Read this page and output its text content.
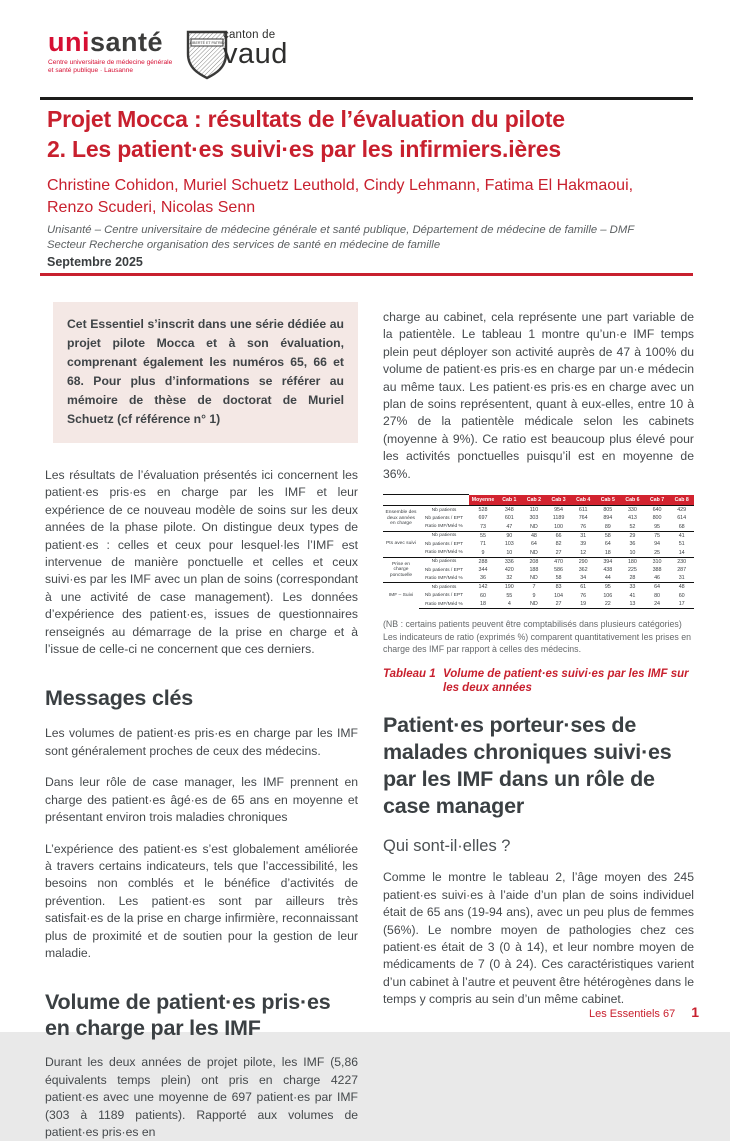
unisanté
Centre universitaire de médecine générale
et santé publique · Lausanne
LIBERTÉ ET PATRIE
canton de
vaud
Projet Mocca : résultats de l’évaluation du pilote
2. Les patient·es suivi·es par les infirmiers.ières
Christine Cohidon, Muriel Schuetz Leuthold, Cindy Lehmann, Fatima El Hakmaoui,
Renzo Scuderi, Nicolas Senn
Unisanté – Centre universitaire de médecine générale et santé publique, Département de médecine de famille – DMF
Secteur Recherche organisation des services de santé en médecine de famille
Septembre 2025
Cet Essentiel s’inscrit dans une série dédiée au projet pilote Mocca et à son évaluation, comprenant également les numéros 65, 66 et 68. Pour plus d’informations se référer au mémoire de thèse de doctorat de Muriel Schuetz (cf référence n° 1)

Les résultats de l’évaluation présentés ici concernent les patient·es pris·es en charge par les IMF et leur expérience de ce nouveau modèle de soins sur les deux années de la phase pilote. On distingue deux types de patient·es : celles et ceux pour lesquel·les l’IMF est intervenue de manière ponctuelle et celles et ceux suivi·es par les IMF avec un plan de soins (correspondant à une activité de case management). Les données d’expérience des patient·es, issues de questionnaires renseignés au démarrage de la prise en charge et à l’issue de celle-ci ne concernent que ces derniers.

Messages clés

Les volumes de patient·es pris·es en charge par les IMF sont généralement proches de ceux des médecins.

Dans leur rôle de case manager, les IMF prennent en charge des patient·es âgé·es de 65 ans en moyenne et présentant environ trois maladies chroniques

L’expérience des patient·es s’est globalement améliorée à travers certains indicateurs, tels que l’accessibilité, les besoins non comblés et le bénéfice d’activités de prévention. Les patient·es sont par ailleurs très satisfait·es de la prise en charge infirmière, reconnaissant plus de proximité et de soutien pour la gestion de leur maladie.

Volume de patient·es pris·es en charge par les IMF

Durant les deux années de projet pilote, les IMF (5,86 équivalents temps plein) ont pris en charge 4227 patient·es avec une moyenne de 697 patient·es par IMF (303 à 1189 patients). Rapporté aux volumes de patient·es pris·es en

charge au cabinet, cela représente une part variable de la patientèle. Le tableau 1 montre qu’un·e IMF temps plein peut déployer son activité auprès de 47 à 100% du volume de patient·es pris·es en charge par un·e médecin au même taux. Les patient·es pris·es en charge avec un plan de soins représentent, quant à eux-elles, entre 10 à 27% de la patientèle médicale selon les cabinets (moyenne à 9%). Ce ratio est beaucoup plus élevé pour les activités ponctuelles puisqu’il est en moyenne de 36%.

		Moyenne	Cab 1	Cab 2	Cab 3	Cab 4	Cab 5	Cab 6	Cab 7	Cab 8
Ensemble des deux années en charge	Nb patients	528	348	110	954	611	805	330	640	429
	Nb patients / EPT	697	601	303	1189	764	894	413	800	614
	Ratio IMF/Méd %	73	47	ND	100	76	89	52	95	68
Pts avec suivi	Nb patients	55	90	48	66	31	58	29	75	41
	Nb patients / EPT	71	103	64	82	39	64	36	94	51
	Ratio IMF/Méd %	9	10	ND	27	12	18	10	25	14
Prise en charge ponctuelle	Nb patients	288	336	208	470	290	394	180	310	230
	Nb patients / EPT	344	420	188	586	362	438	225	388	287
	Ratio IMF/Méd %	36	32	ND	58	34	44	28	46	31
IMF – Suivi	Nb patients	142	190	7	83	61	95	33	64	48
	Nb patients / EPT	60	55	9	104	76	106	41	80	60
	Ratio IMF/Méd %	18	4	ND	27	19	22	13	24	17
(NB : certains patients peuvent être comptabilisés dans plusieurs catégories)
Les indicateurs de ratio (exprimés %) comparent quantitativement les prises en charge des IMF par rapport à celles des médecins.
Tableau 1 Volume de patient·es suivi·es par les IMF sur les deux années
Patient·es porteur·ses de malades chroniques suivi·es par les IMF dans un rôle de case manager
Qui sont-il·elles ?

Comme le montre le tableau 2, l’âge moyen des 245 patient·es suivi·es à l’aide d’un plan de soins individuel était de 65 ans (19-94 ans), avec un peu plus de femmes (56%). Le nombre moyen de pathologies chez ces patient·es était de 3 (0 à 14), et leur nombre moyen de médicaments de 7 (0 à 24). Ces caractéristiques varient d’un cabinet à l’autre et peuvent être hétérogènes dans le temps y compris au sein d’un même cabinet.

Les Essentiels 67 1
